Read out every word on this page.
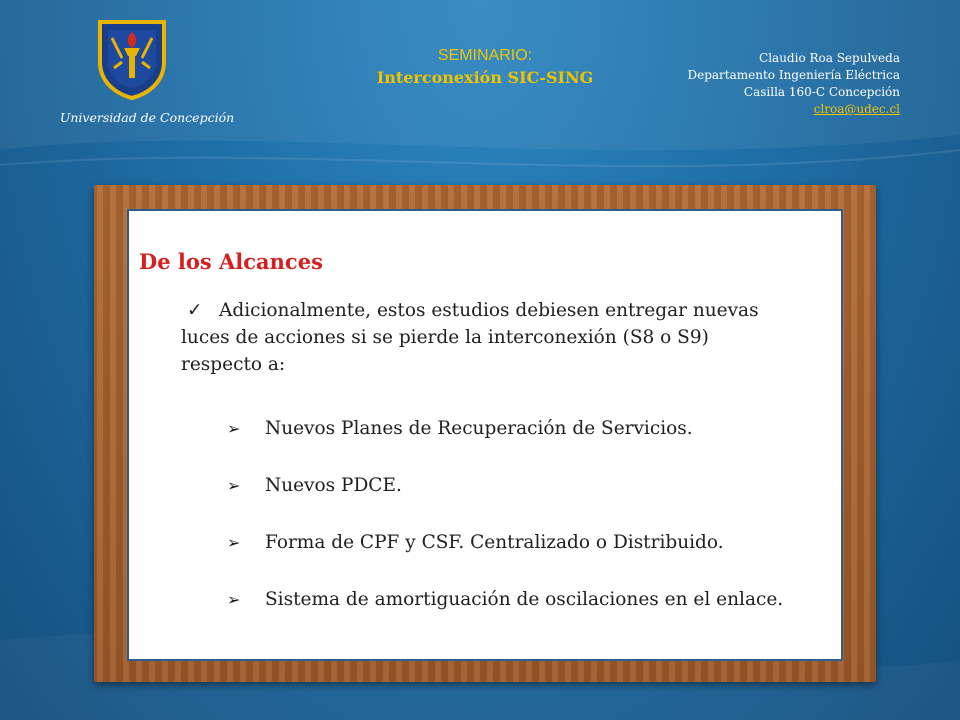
Universidad de Concepción
SEMINARIO:
Interconexión SIC-SING
Claudio Roa Sepulveda
Departamento Ingeniería Eléctrica
Casilla 160-C Concepción
clroa@udec.cl
De los Alcances
✓ Adicionalmente, estos estudios debiesen entregar nuevas luces de acciones si se pierde la interconexión (S8 o S9) respecto a:
➢ Nuevos Planes de Recuperación de Servicios.
➢ Nuevos PDCE.
➢ Forma de CPF y CSF. Centralizado o Distribuido.
➢ Sistema de amortiguación de oscilaciones en el enlace.
